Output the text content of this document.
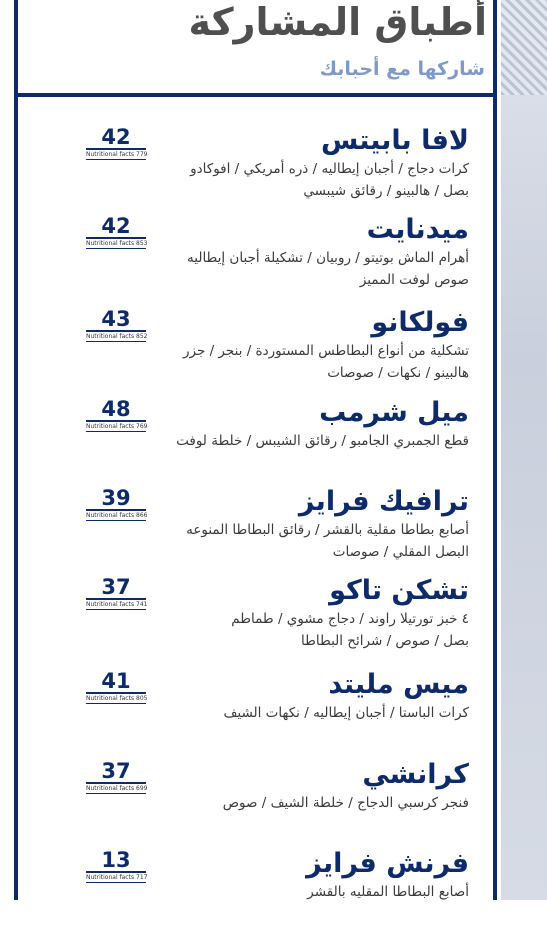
أطباق المشاركة
شاركها مع أحبابك
لافا بابيتس
كرات دجاج / أجبان إيطاليه / ذره أمريكي / افوكادو
بصل / هالبينو / رقائق شيبسي
42
Nutritional facts 779
ميدنايت
أهرام الماش بوتيتو / روبيان / تشكيلة أجبان إيطاليه
صوص لوفت المميز
42
Nutritional facts 853
فولكانو
تشكلية من أنواع البطاطس المستوردة / بنجر / جزر
هالبينو / نكهات / صوصات
43
Nutritional facts 852
ميل شرمب
قطع الجمبري الجامبو / رقائق الشيبس / خلطة لوفت
48
Nutritional facts 769
ترافيك فرايز
أصابع بطاطا مقلية بالقشر / رقائق البطاطا المنوعه
البصل المقلي / صوصات
39
Nutritional facts 866
تشكن تاكو
٤ خبز تورتيلا راوند / دجاج مشوي / طماطم
بصل / صوص / شرائح البطاطا
37
Nutritional facts 741
ميس مليتد
كرات الباستا / أجبان إيطاليه / نكهات الشيف
41
Nutritional facts 805
كرانشي
فنجر كرسبي الدجاج / خلطة الشيف / صوص
37
Nutritional facts 699
فرنش فرايز
أصابع البطاطا المقليه بالقشر
13
Nutritional facts 717
